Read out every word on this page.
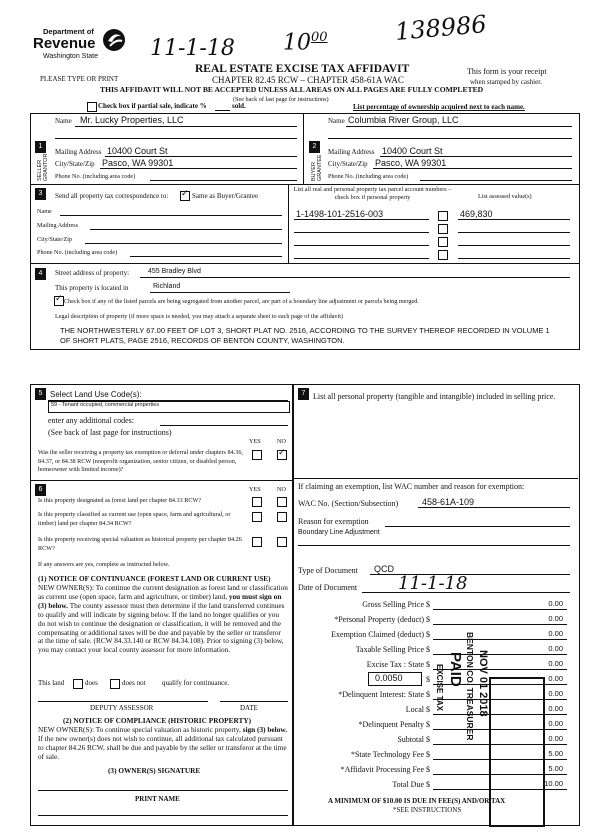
Department of
Revenue
Washington State 11-1-18 $10^{00}$	138986
REAL ESTATE EXCISE TAX AFFIDAVIT
CHAPTER 82.45 RCW – CHAPTER 458-61A WAC
PLEASE TYPE OR PRINT
This form is your receipt
when stamped by cashier.
THIS AFFIDAVIT WILL NOT BE ACCEPTED UNLESS ALL AREAS ON ALL PAGES ARE FULLY COMPLETED
(See back of last page for instructions)
Check box if partial sale, indicate %	sold.	List percentage of ownership acquired next to each name.
1
SELLER GRANTOR
Name Mr. Lucky Properties, LLC
Mailing Address 10400 Court St
City/State/Zip Pasco, WA 99301
Phone No. (including area code)
2
BUYER GRANTEE
Name Columbia River Group, LLC
Mailing Address 10400 Court St
City/State/Zip Pasco, WA 99301
Phone No. (including area code)
3	Send all property tax correspondence to:
✓	Same as Buyer/Grantee
Name
Mailing Address
City/State/Zip
Phone No. (including area code)
List all real and personal property tax parcel account numbers – check box if personal property	List assessed value(s)
1-1498-101-2516-003	469,830
4	Street address of property:	455 Bradley Blvd
This property is located in	Richland
✓
Check box if any of the listed parcels are being segregated from another parcel, are part of a boundary line adjustment or parcels being merged.
Legal description of property (if more space is needed, you may attach a separate sheet to each page of the affidavit)
THE NORTHWESTERLY 67.00 FEET OF LOT 3, SHORT PLAT NO. 2516, ACCORDING TO THE SURVEY THEREOF RECORDED IN VOLUME 1 OF SHORT PLATS, PAGE 2516, RECORDS OF BENTON COUNTY, WASHINGTON.
5 Select Land Use Code(s):
59 - Tenant occupied, commercial properties
enter any additional codes:
(See back of last page for instructions)
YES	NO
Was the seller receiving a property tax exemption or deferral under chapters 84.36, 84.37, or 84.38 RCW (nonprofit organization, senior citizen, or disabled person, homeowner with limited income)?
✓
6	YES	NO
Is this property designated as forest land per chapter 84.33 RCW?
Is this property classified as current use (open space, farm and agricultural, or timber) land per chapter 84.34 RCW?
Is this property receiving special valuation as historical property per chapter 84.26 RCW?
If any answers are yes, complete as instructed below.
(1) NOTICE OF CONTINUANCE (FOREST LAND OR CURRENT USE)
NEW OWNER(S): To continue the current designation as forest land or classification as current use (open space, farm and agriculture, or timber) land, you must sign on (3) below. The county assessor must then determine if the land transferred continues to qualify and will indicate by signing below. If the land no longer qualifies or you do not wish to continue the designation or classification, it will be removed and the compensating or additional taxes will be due and payable by the seller or transferor at the time of sale. (RCW 84.33.140 or RCW 84.34.108). Prior to signing (3) below, you may contact your local county assessor for more information.
This land	does	does not qualify for continuance.
DEPUTY ASSESSOR	DATE
(2) NOTICE OF COMPLIANCE (HISTORIC PROPERTY)
NEW OWNER(S): To continue special valuation as historic property, sign (3) below. If the new owner(s) does not wish to continue, all additional tax calculated pursuant to chapter 84.26 RCW, shall be due and payable by the seller or transferor at the time of sale.
(3) OWNER(S) SIGNATURE
PRINT NAME
7 List all personal property (tangible and intangible) included in selling price.
If claiming an exemption, list WAC number and reason for exemption:
WAC No. (Section/Subsection)	458-61A-109
Reason for exemption
Boundary Line Adjustment
Type of Document QCD
Date of Document 11-1-18
Gross Selling Price $	0.00
*Personal Property (deduct) $	0.00
Exemption Claimed (deduct) $	0.00
Taxable Selling Price $	0.00
Excise Tax : State $	0.00
0.0050	$	0.00
*Delinquent Interest: State $	0.00
Local $	0.00
*Delinquent Penalty $	0.00
Subtotal $	0.00
*State Technology Fee $	5.00
*Affidavit Processing Fee $	5.00
Total Due $	10.00
A MINIMUM OF $10.00 IS DUE IN FEE(S) AND/OR TAX
*SEE INSTRUCTIONS
PAID BENTON CO. TREASURER NOV 01 2018
EXCISE TAX
